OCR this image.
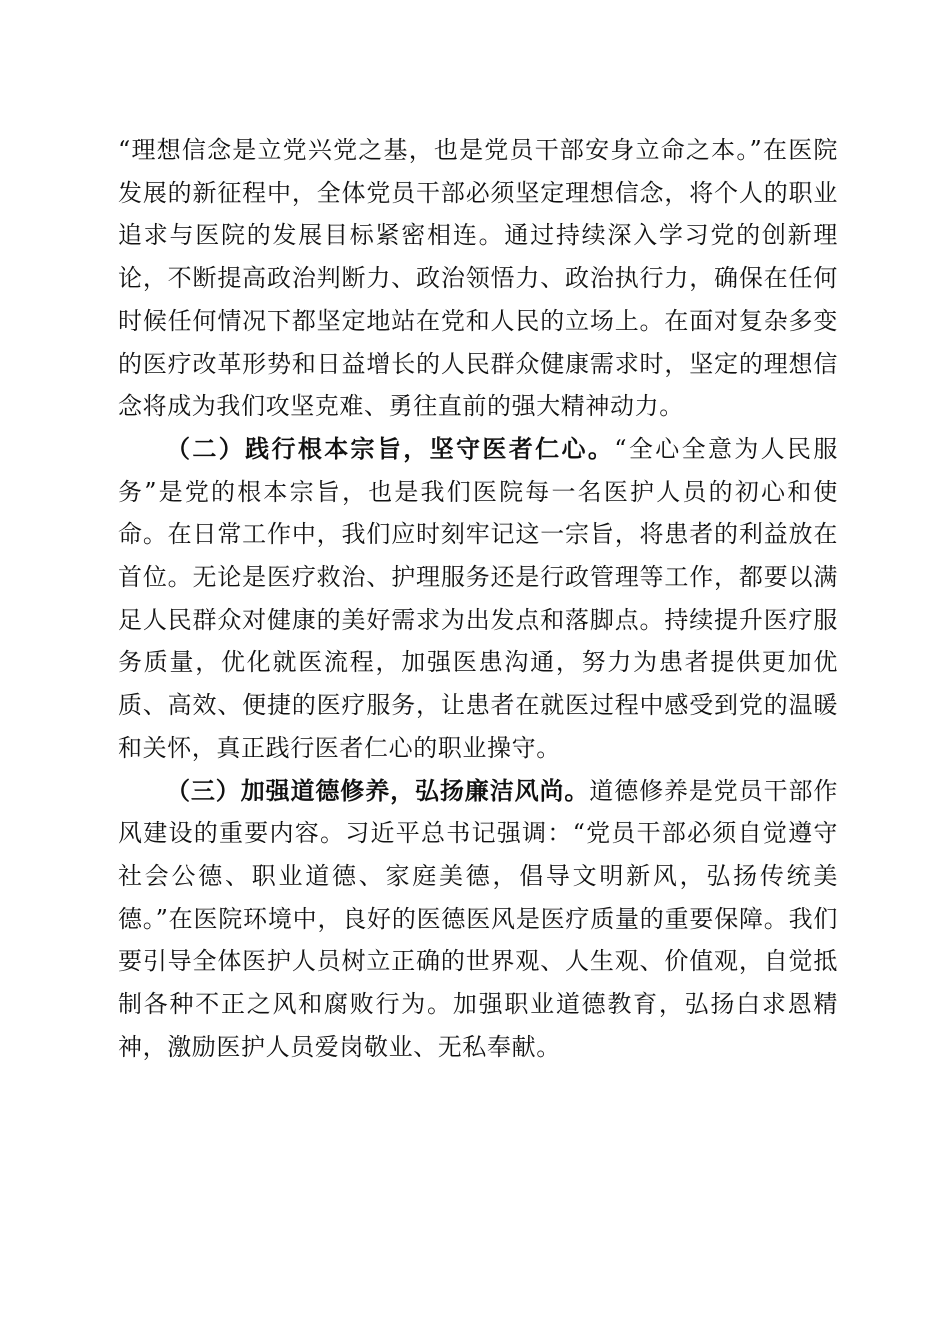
“理想信念是立党兴党之基，也是党员干部安身立命之本。”在医院发展的新征程中，全体党员干部必须坚定理想信念，将个人的职业追求与医院的发展目标紧密相连。通过持续深入学习党的创新理论，不断提高政治判断力、政治领悟力、政治执行力，确保在任何时候任何情况下都坚定地站在党和人民的立场上。在面对复杂多变的医疗改革形势和日益增长的人民群众健康需求时，坚定的理想信念将成为我们攻坚克难、勇往直前的强大精神动力。

（二）践行根本宗旨，坚守医者仁心。“全心全意为人民服务”是党的根本宗旨，也是我们医院每一名医护人员的初心和使命。在日常工作中，我们应时刻牢记这一宗旨，将患者的利益放在首位。无论是医疗救治、护理服务还是行政管理等工作，都要以满足人民群众对健康的美好需求为出发点和落脚点。持续提升医疗服务质量，优化就医流程，加强医患沟通，努力为患者提供更加优质、高效、便捷的医疗服务，让患者在就医过程中感受到党的温暖和关怀，真正践行医者仁心的职业操守。

（三）加强道德修养，弘扬廉洁风尚。道德修养是党员干部作风建设的重要内容。习近平总书记强调：“党员干部必须自觉遵守社会公德、职业道德、家庭美德，倡导文明新风，弘扬传统美德。”在医院环境中，良好的医德医风是医疗质量的重要保障。我们要引导全体医护人员树立正确的世界观、人生观、价值观，自觉抵制各种不正之风和腐败行为。加强职业道德教育，弘扬白求恩精神，激励医护人员爱岗敬业、无私奉献。
